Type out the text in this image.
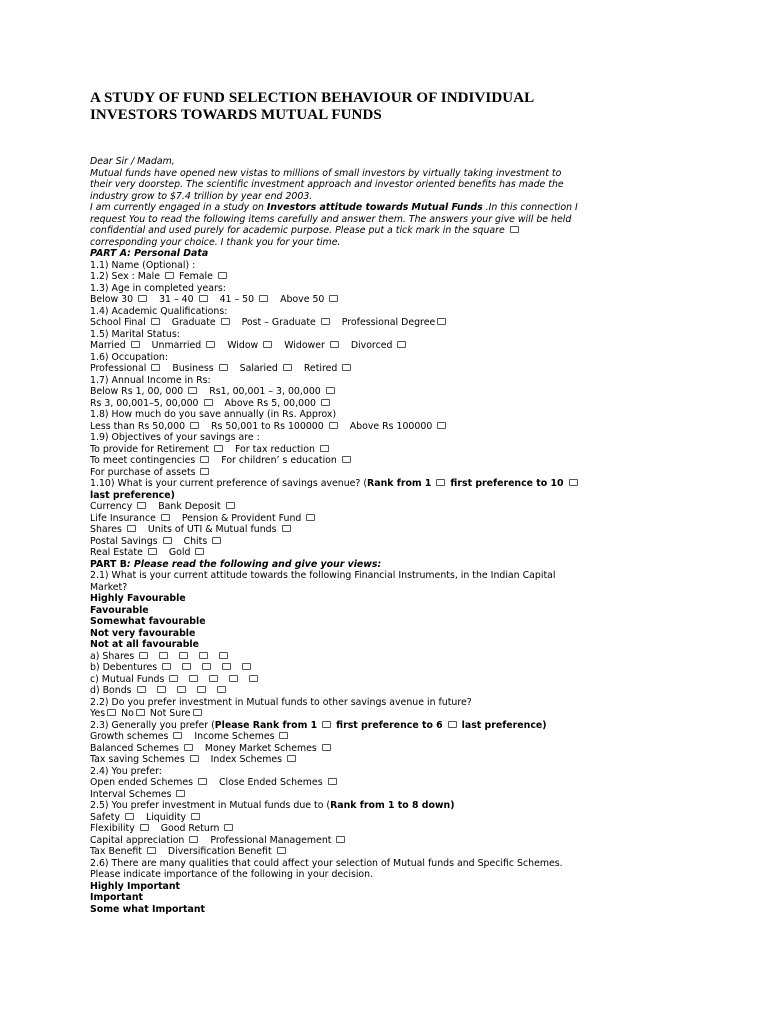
A STUDY OF FUND SELECTION BEHAVIOUR OF INDIVIDUAL
INVESTORS TOWARDS MUTUAL FUNDS
Dear Sir / Madam,
Mutual funds have opened new vistas to millions of small investors by virtually taking investment to
their very doorstep. The scientific investment approach and investor oriented benefits has made the
industry grow to $7.4 trillion by year end 2003.
I am currently engaged in a study on Investors attitude towards Mutual Funds .In this connection I
request You to read the following items carefully and answer them. The answers your give will be held
confidential and used purely for academic purpose. Please put a tick mark in the square
corresponding your choice. I thank you for your time.
PART A: Personal Data
1.1) Name (Optional) :
1.2) Sex : Male Female
1.3) Age in completed years:
Below 30	31 – 40	41 – 50	Above 50
1.4) Academic Qualifications:
School Final	Graduate	Post – Graduate	Professional Degree
1.5) Marital Status:
Married	Unmarried	Widow	Widower	Divorced
1.6) Occupation:
Professional	Business	Salaried	Retired
1.7) Annual Income in Rs:
Below Rs 1, 00, 000	Rs1, 00,001 – 3, 00,000
Rs 3, 00,001–5, 00,000	Above Rs 5, 00,000
1.8) How much do you save annually (in Rs. Approx)
Less than Rs 50,000	Rs 50,001 to Rs 100000	Above Rs 100000
1.9) Objectives of your savings are :
To provide for Retirement	For tax reduction
To meet contingencies	For children’ s education
For purchase of assets
1.10) What is your current preference of savings avenue? (Rank from 1 first preference to 10
last preference)
Currency	Bank Deposit
Life Insurance	Pension & Provident Fund
Shares	Units of UTI & Mutual funds
Postal Savings	Chits
Real Estate	Gold
PART B: Please read the following and give your views:
2.1) What is your current attitude towards the following Financial Instruments, in the Indian Capital
Market?
Highly Favourable
Favourable
Somewhat favourable
Not very favourable
Not at all favourable
a) Shares
b) Debentures
c) Mutual Funds
d) Bonds
2.2) Do you prefer investment in Mutual funds to other savings avenue in future?
Yes No Not Sure
2.3) Generally you prefer (Please Rank from 1 first preference to 6 last preference)
Growth schemes	Income Schemes
Balanced Schemes	Money Market Schemes
Tax saving Schemes	Index Schemes
2.4) You prefer:
Open ended Schemes	Close Ended Schemes
Interval Schemes
2.5) You prefer investment in Mutual funds due to (Rank from 1 to 8 down)
Safety	Liquidity
Flexibility	Good Return
Capital appreciation	Professional Management
Tax Benefit	Diversification Benefit
2.6) There are many qualities that could affect your selection of Mutual funds and Specific Schemes.
Please indicate importance of the following in your decision.
Highly Important
Important
Some what Important
